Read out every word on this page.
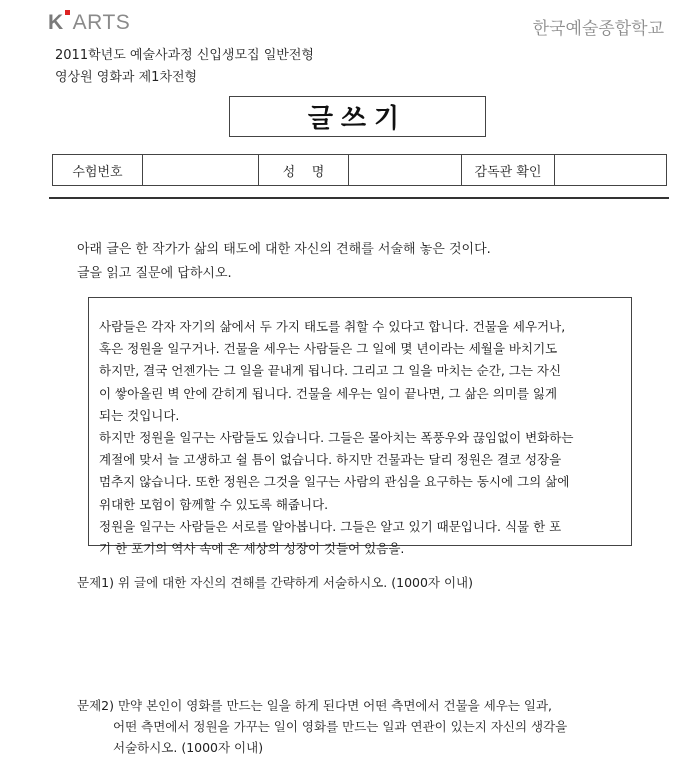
K ARTS	한국예술종합학교
2011학년도 예술사과정 신입생모집 일반전형
영상원 영화과 제1차전형
글쓰기
수험번호	성    명	감독관 확인
아래 글은 한 작가가 삶의 태도에 대한 자신의 견해를 서술해 놓은 것이다.
글을 읽고 질문에 답하시오.

사람들은 각자 자기의 삶에서 두 가지 태도를 취할 수 있다고 합니다. 건물을 세우거나,

혹은 정원을 일구거나. 건물을 세우는 사람들은 그 일에 몇 년이라는 세월을 바치기도

하지만, 결국 언젠가는 그 일을 끝내게 됩니다. 그리고 그 일을 마치는 순간, 그는 자신

이 쌓아올린 벽 안에 갇히게 됩니다. 건물을 세우는 일이 끝나면, 그 삶은 의미를 잃게

되는 것입니다.

하지만 정원을 일구는 사람들도 있습니다. 그들은 몰아치는 폭풍우와 끊임없이 변화하는

계절에 맞서 늘 고생하고 쉴 틈이 없습니다. 하지만 건물과는 달리 정원은 결코 성장을

멈추지 않습니다. 또한 정원은 그것을 일구는 사람의 관심을 요구하는 동시에 그의 삶에

위대한 모험이 함께할 수 있도록 해줍니다.

정원을 일구는 사람들은 서로를 알아봅니다. 그들은 알고 있기 때문입니다. 식물 한 포

기 한 포기의 역사 속에 온 세상의 성장이 깃들어 있음을.

문제1) 위 글에 대한 자신의 견해를 간략하게 서술하시오. (1000자 이내)
문제2) 만약 본인이 영화를 만드는 일을 하게 된다면 어떤 측면에서 건물을 세우는 일과,
어떤 측면에서 정원을 가꾸는 일이 영화를 만드는 일과 연관이 있는지 자신의 생각을
서술하시오. (1000자 이내)
